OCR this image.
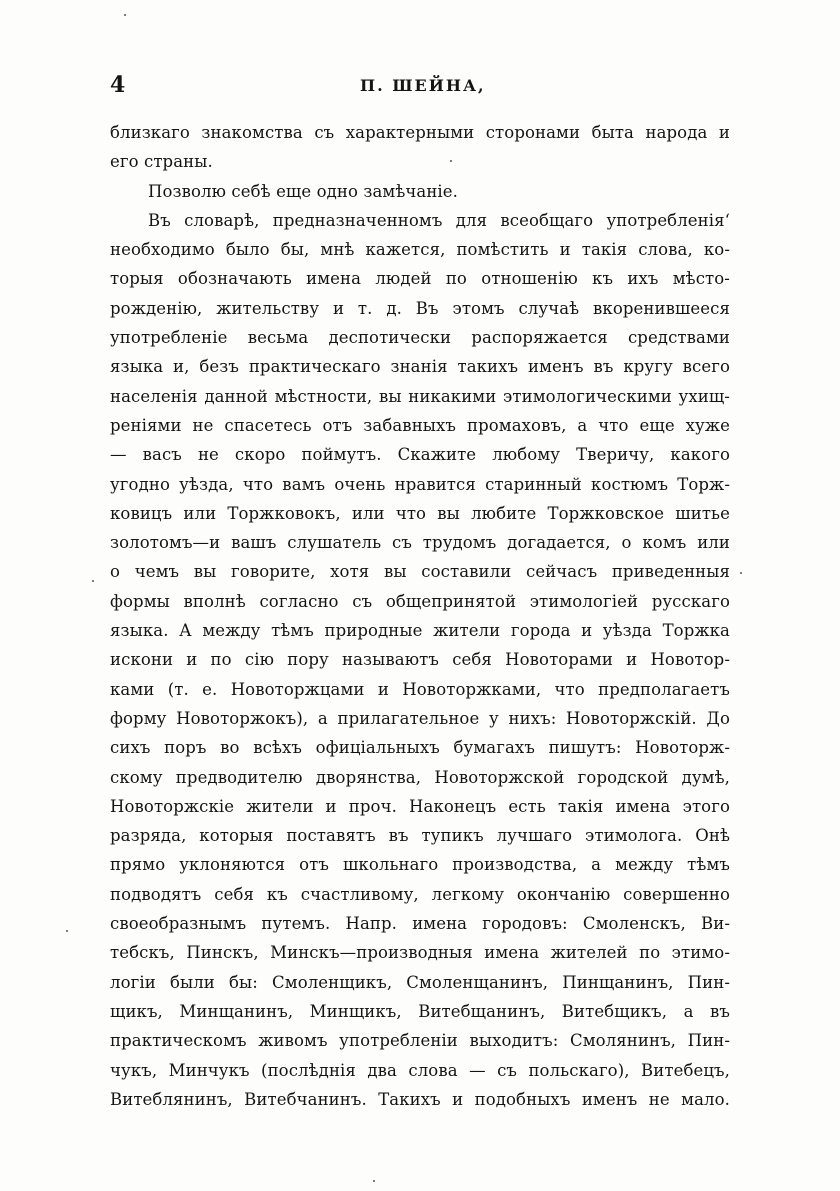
4	П. ШЕЙНА,
близкаго знакомства съ характерными сторонами быта народа и
его страны.
Позволю себѣ еще одно замѣчаніе.
Въ словарѣ, предназначенномъ для всеобщаго употребленія‘
необходимо было бы, мнѣ кажется, помѣстить и такія слова, ко-
торыя обозначають имена людей по отношенію къ ихъ мѣсто-
рожденію, жительству и т. д. Въ этомъ случаѣ вкоренившееся
употребленіе весьма деспотически распоряжается средствами
языка и, безъ практическаго знанія такихъ именъ въ кругу всего
населенія данной мѣстности, вы никакими этимологическими ухищ-
реніями не спасетесь отъ забавныхъ промаховъ, а что еще хуже
— васъ не скоро поймутъ. Скажите любому Тверичу, какого
угодно уѣзда, что вамъ очень нравится старинный костюмъ Торж-
ковицъ или Торжковокъ, или что вы любите Торжковское шитье
золотомъ—и вашъ слушатель съ трудомъ догадается, о комъ или
о чемъ вы говорите, хотя вы составили сейчасъ приведенныя
формы вполнѣ согласно съ общепринятой этимологіей русскаго
языка. А между тѣмъ природные жители города и уѣзда Торжка
искони и по сію пору называютъ себя Новоторами и Новотор-
ками (т. е. Новоторжцами и Новоторжками, что предполагаетъ
форму Новоторжокъ), а прилагательное у нихъ: Новоторжскій. До
сихъ поръ во всѣхъ офиціальныхъ бумагахъ пишутъ: Новоторж-
скому предводителю дворянства, Новоторжской городской думѣ,
Новоторжскіе жители и проч. Наконецъ есть такія имена этого
разряда, которыя поставятъ въ тупикъ лучшаго этимолога. Онѣ
прямо уклоняются отъ школьнаго производства, а между тѣмъ
подводятъ себя къ счастливому, легкому окончанію совершенно
своеобразнымъ путемъ. Напр. имена городовъ: Смоленскъ, Ви-
тебскъ, Пинскъ, Минскъ—производныя имена жителей по этимо-
логіи были бы: Смоленщикъ, Смоленщанинъ, Пинщанинъ, Пин-
щикъ, Минщанинъ, Минщикъ, Витебщанинъ, Витебщикъ, а въ
практическомъ живомъ употребленіи выходитъ: Смолянинъ, Пин-
чукъ, Минчукъ (послѣднія два слова — съ польскаго), Витебецъ,
Витеблянинъ, Витебчанинъ. Такихъ и подобныхъ именъ не мало.
